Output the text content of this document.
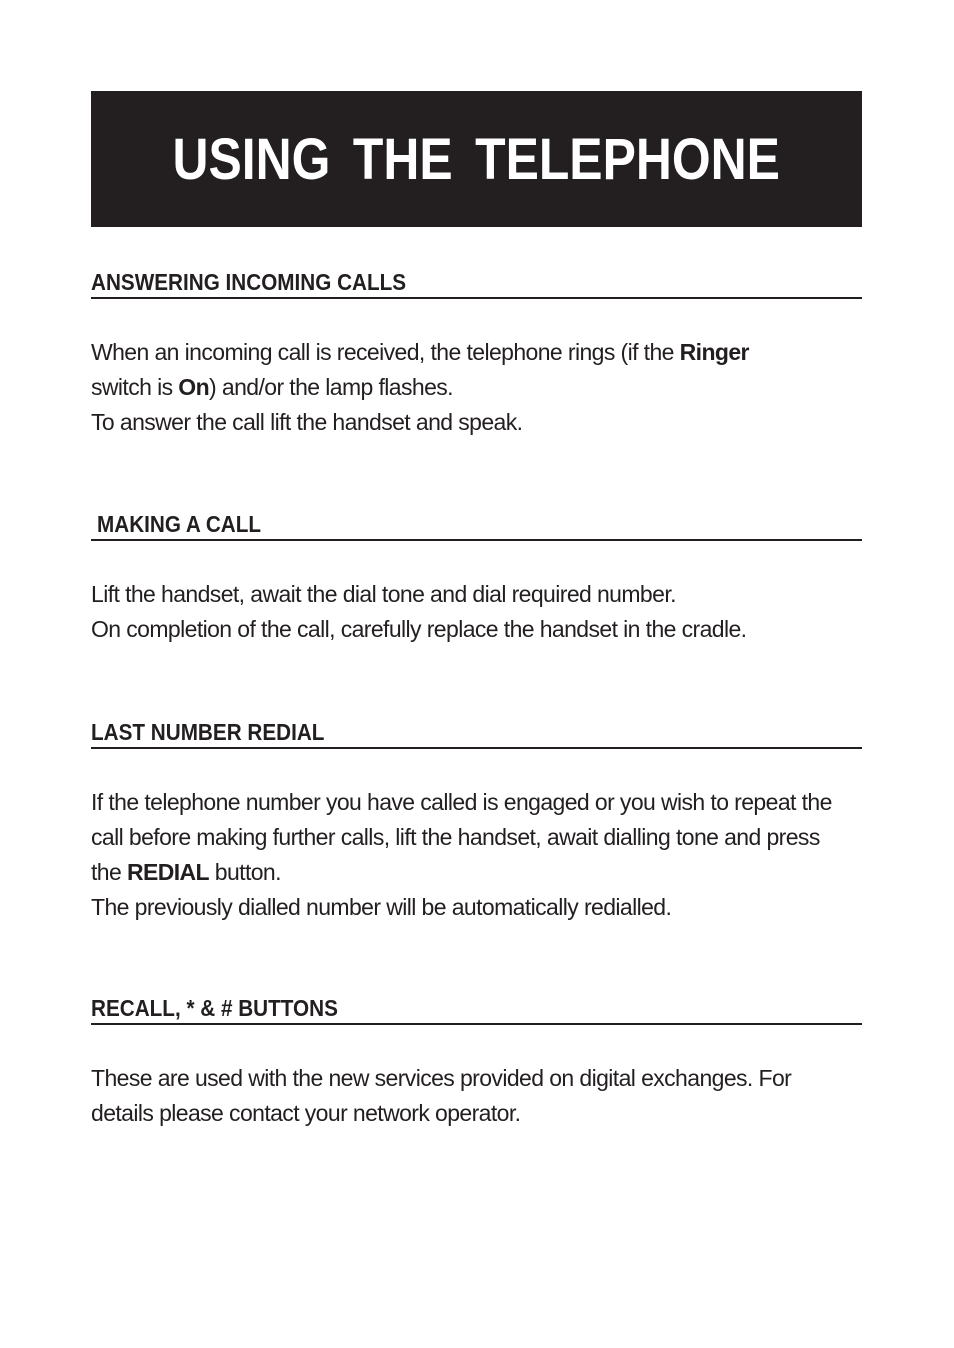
USING THE TELEPHONE
ANSWERING INCOMING CALLS

When an incoming call is received, the telephone rings (if the Ringer

switch is On) and/or the lamp flashes.

To answer the call lift the handset and speak.

MAKING A CALL

Lift the handset, await the dial tone and dial required number.

On completion of the call, carefully replace the handset in the cradle.

LAST NUMBER REDIAL

If the telephone number you have called is engaged or you wish to repeat the

call before making further calls, lift the handset, await dialling tone and press

the REDIAL button.

The previously dialled number will be automatically redialled.

RECALL, * & # BUTTONS

These are used with the new services provided on digital exchanges. For

details please contact your network operator.
